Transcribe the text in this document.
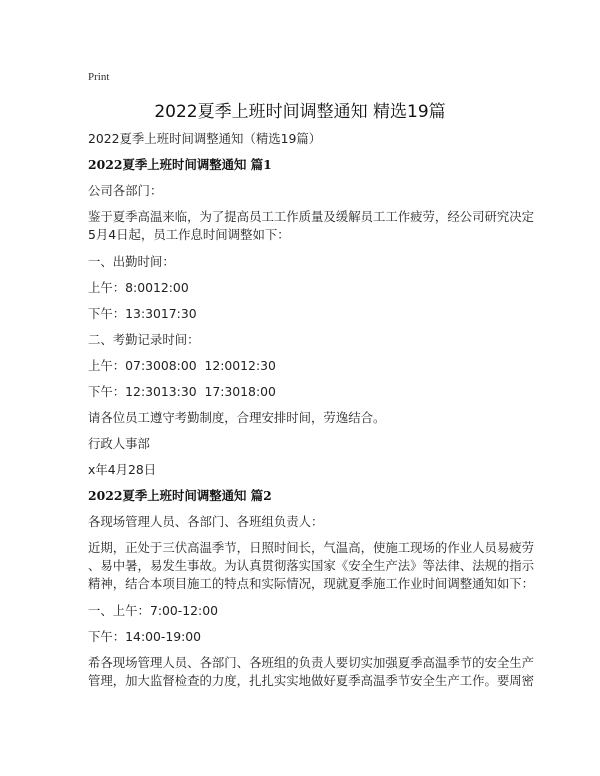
Print
2022夏季上班时间调整通知 精选19篇

2022夏季上班时间调整通知（精选19篇）

2022夏季上班时间调整通知 篇1

公司各部门：

鉴于夏季高温来临，为了提高员工工作质量及缓解员工工作疲劳，经公司研究决定
5月4日起，员工作息时间调整如下：

一、出勤时间：

上午：8:0012:00

下午：13:3017:30

二、考勤记录时间：

上午：07:3008:00  12:0012:30

下午：12:3013:30  17:3018:00

请各位员工遵守考勤制度，合理安排时间，劳逸结合。

行政人事部

x年4月28日

2022夏季上班时间调整通知 篇2

各现场管理人员、各部门、各班组负责人：

近期，正处于三伏高温季节，日照时间长，气温高，使施工现场的作业人员易疲劳
、易中暑，易发生事故。为认真贯彻落实国家《安全生产法》等法律、法规的指示
精神，结合本项目施工的特点和实际情况，现就夏季施工作业时间调整通知如下：

一、上午：7:00-12:00

下午：14:00-19:00

希各现场管理人员、各部门、各班组的负责人要切实加强夏季高温季节的安全生产
管理，加大监督检查的力度，扎扎实实地做好夏季高温季节安全生产工作。要周密
